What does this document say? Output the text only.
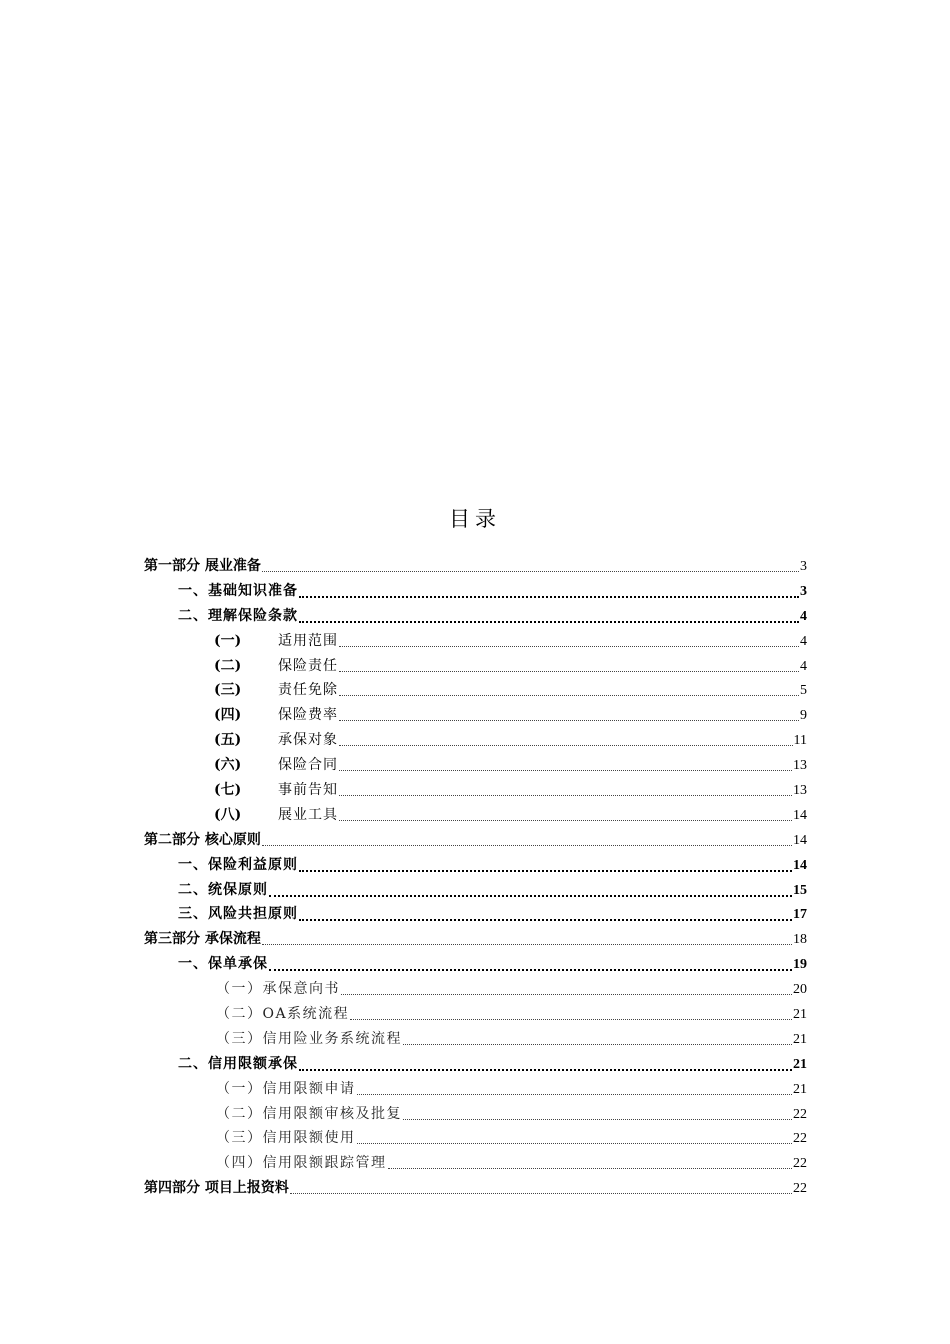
目录
第一部分 展业准备	3
一、基础知识准备	3
二、理解保险条款	4
(一)	适用范围	4
(二)	保险责任	4
(三)	责任免除	5
(四)	保险费率	9
(五)	承保对象	11
(六)	保险合同	13
(七)	事前告知	13
(八)	展业工具	14
第二部分 核心原则	14
一、保险利益原则	14
二、统保原则	15
三、风险共担原则	17
第三部分 承保流程	18
一、保单承保	19
（一）承保意向书	20
（二）OA系统流程	21
（三）信用险业务系统流程	21
二、信用限额承保	21
（一）信用限额申请	21
（二）信用限额审核及批复	22
（三）信用限额使用	22
（四）信用限额跟踪管理	22
第四部分 项目上报资料	22
